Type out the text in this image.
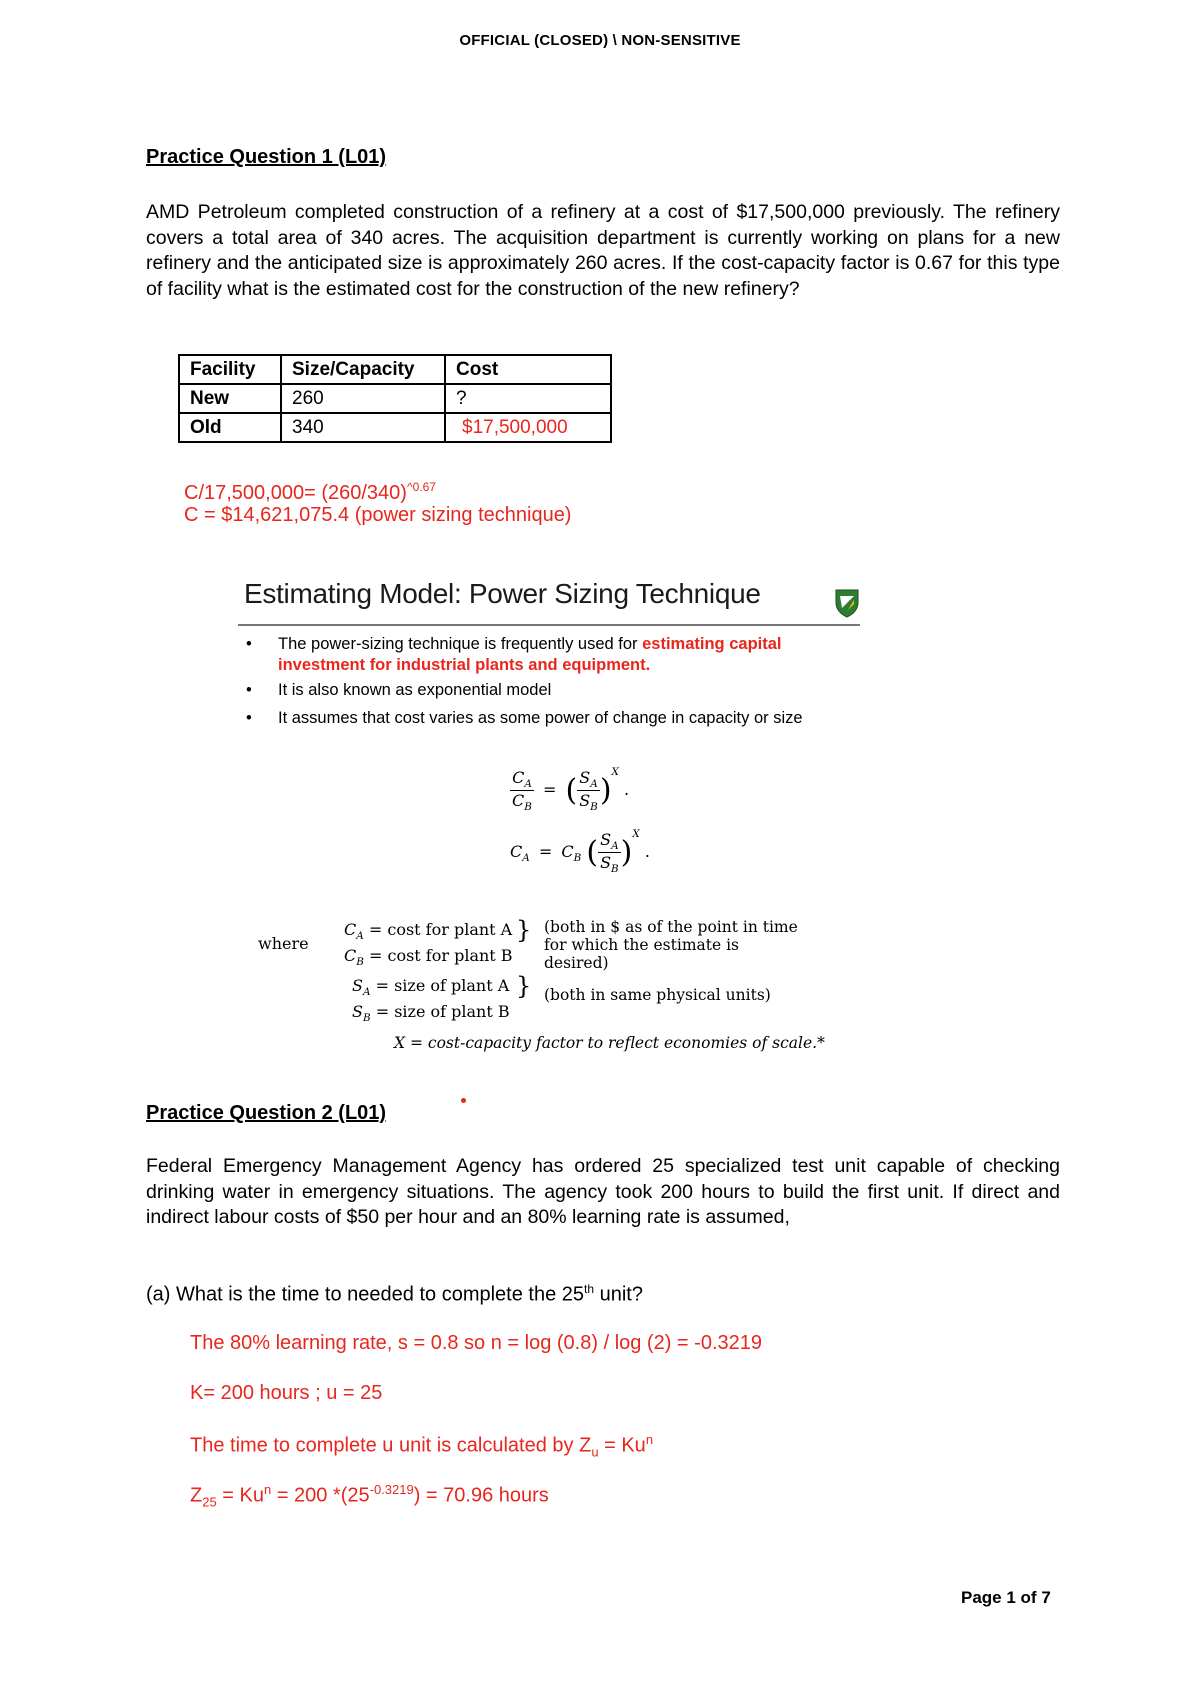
OFFICIAL (CLOSED) \ NON-SENSITIVE
Practice Question 1 (L01)
AMD Petroleum completed construction of a refinery at a cost of $17,500,000 previously. The refinery covers a total area of 340 acres. The acquisition department is currently working on plans for a new refinery and the anticipated size is approximately 260 acres. If the cost-capacity factor is 0.67 for this type of facility what is the estimated cost for the construction of the new refinery?
Facility	Size/Capacity	Cost
New	260	?
Old	340	$17,500,000
$C/17,500,000= (260/340)^{\^{}0.67}$
C = $14,621,075.4 (power sizing technique)
Estimating Model: Power Sizing Technique
• The power-sizing technique is frequently used for estimating capital investment for industrial plants and equipment.
• It is also known as exponential model
• It assumes that cost varies as some power of change in capacity or size
$\frac{C_A}{C_B}$ = ( $\frac{S_A}{S_B} )^X$ .
$C_A = C_B$ ( $\frac{S_A}{S_B} )^X$ .
where
$C_A = \cos t$ for plant A
$C_B = \cos t$ for plant B
} (both in $ as of the point in time for which the estimate is desired)
$S_A$ = size of plant A
$S_B$ = size of plant B
} (both in same physical units)
X = cost-capacity factor to reflect economies of scale.*
Practice Question 2 (L01)
Federal Emergency Management Agency has ordered 25 specialized test unit capable of checking drinking water in emergency situations. The agency took 200 hours to build the first unit. If direct and indirect labour costs of $50 per hour and an 80% learning rate is assumed,
(a) What is the time to needed to complete the 25th unit?
The 80% learning rate, s = 0.8 so n = log (0.8) / log (2) = -0.3219
K= 200 hours ; u = 25
The time to complete u unit is calculated by $Z_u = Ku^n$
$Z_{25} = Ku^n = 200$ $*(25^{-0.3219}) = 70.96$ hours
Page 1 of 7
